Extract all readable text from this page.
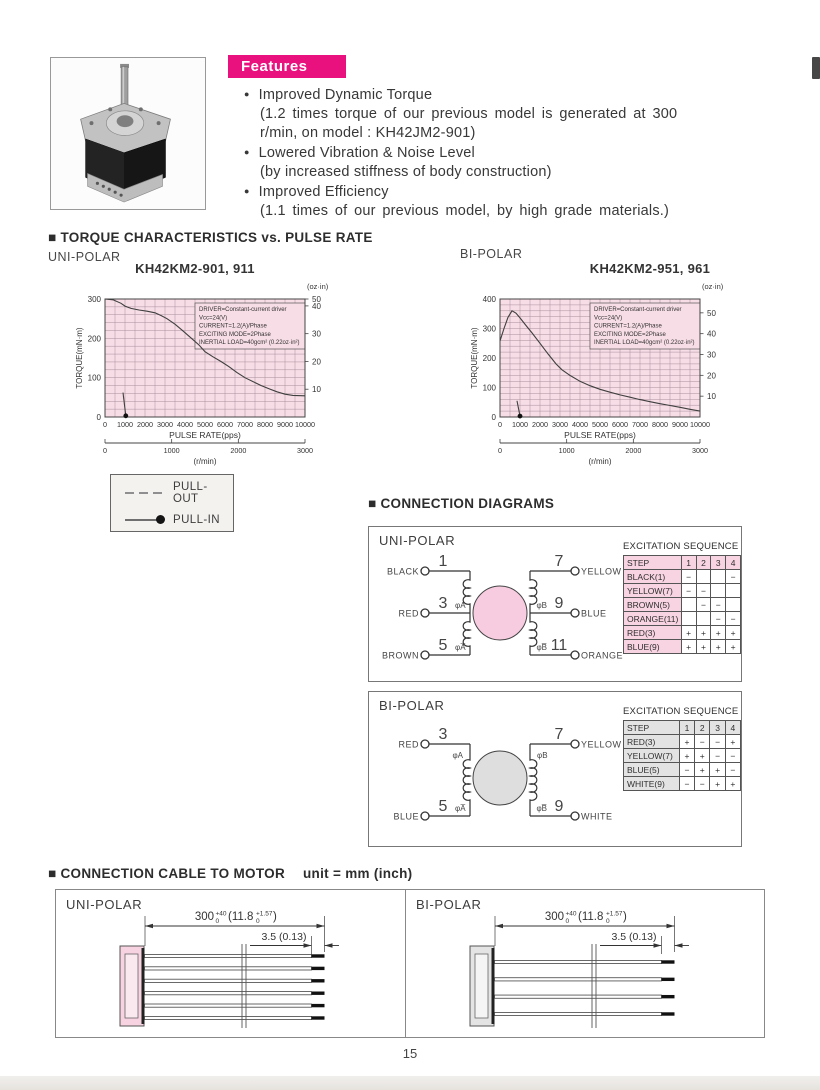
Features
● Improved Dynamic Torque
(1.2 times torque of our previous model is generated at 300
r/min, on model : KH42JM2-901)
● Lowered Vibration & Noise Level
(by increased stiffness of body construction)
● Improved Efficiency
(1.1 times of our previous model, by high grade materials.)
■ TORQUE CHARACTERISTICS vs. PULSE RATE
UNI-POLAR	BI-POLAR
KH42KM2-901, 911	KH42KM2-951, 961
DRIVER=Constant-current driver
Vcc=24(V)
CURRENT=1.2(A)/Phase
EXCITING MODE=2Phase
INERTIAL LOAD=40gcm² (0.22oz·in²)
0
100
200
300
TORQUE(mN·m)
0 1000 2000 3000 4000 5000 6000 7000 8000 9000 10000
PULSE RATE(pps)
10
20
30
40
50
(oz·in)
0	1000	2000	3000
(r/min)
DRIVER=Constant-current driver
Vcc=24(V)
CURRENT=1.2(A)/Phase
EXCITING MODE=2Phase
INERTIAL LOAD=40gcm² (0.22oz·in²)
0
100
200
300
400
TORQUE(mN·m)
0 1000 2000 3000 4000 5000 6000 7000 8000 9000 10000
PULSE RATE(pps)
10
20
30
40
50
(oz·in)
0	1000	2000	3000
(r/min)
PULL-OUT
PULL-IN
■ CONNECTION DIAGRAMS
UNI-POLAR
1
BLACK
3
RED
φA
5
BROWN
φA̅
7
YELLOW
9
BLUE
φB
11
ORANGE
φB̅
EXCITATION SEQUENCE
STEP	1	2	3	4
BLACK(1)	−			−
YELLOW(7)	−	−		
BROWN(5)		−	−	
ORANGE(11)			−	−
RED(3)	+	+	+	+
BLUE(9)	+	+	+	+
BI-POLAR
3
RED
φA
5
BLUE
φA̅
7
YELLOW
φB
9
WHITE
φB̅
EXCITATION SEQUENCE
STEP	1	2	3	4
RED(3)	+	−	−	+
YELLOW(7)	+	+	−	−
BLUE(5)	−	+	+	−
WHITE(9)	−	−	+	+
■ CONNECTION CABLE TO MOTOR unit = mm (inch)
300 +40
0 (11.8 +1.57
0 )
3.5 (0.13)
300 +40
0 (11.8 +1.57
0 )
3.5 (0.13)
UNI-POLAR	BI-POLAR
15
